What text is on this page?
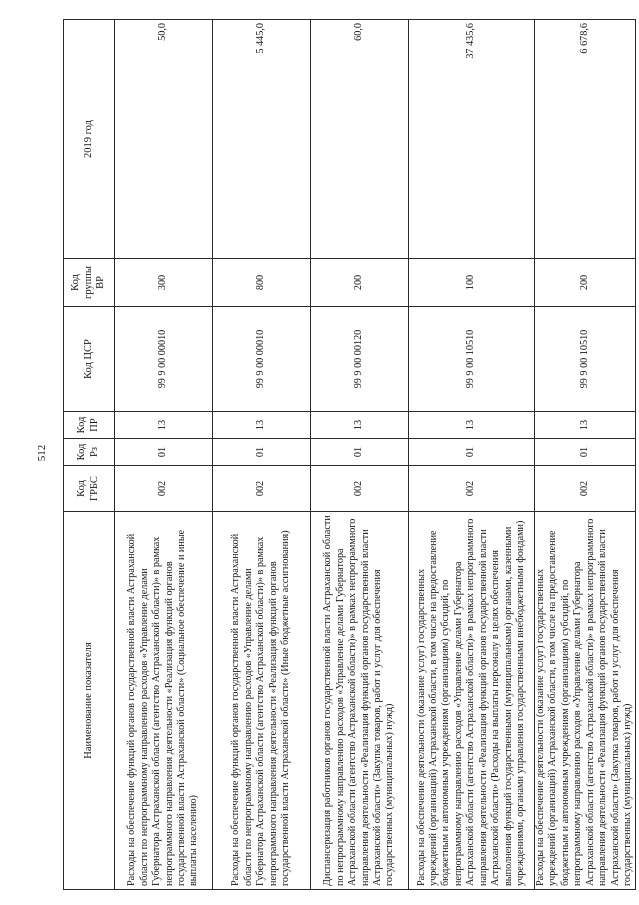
512
Наименование показателя	Код ГРБС	Код Рз	Код ПР	Код ЦСР	Код группы ВР	2019 год
Расходы на обеспечение функций органов государственной власти Астраханской области по непрограммному направлению расходов «Управление делами Губернатора Астраханской области (агентство Астраханской области)» в рамках непрограммного направления деятельности «Реализация функций органов государственной власти Астраханской области» (Социальное обеспечение и иные выплаты населению)	002	01	13	99 9 00 00010	300	50,0
Расходы на обеспечение функций органов государственной власти Астраханской области по непрограммному направлению расходов «Управление делами Губернатора Астраханской области (агентство Астраханской области)» в рамках непрограммного направления деятельности «Реализация функций органов государственной власти Астраханской области» (Иные бюджетные ассигнования)	002	01	13	99 9 00 00010	800	5 445,0
Диспансеризация работников органов государственной власти Астраханской области по непрограммному направлению расходов «Управление делами Губернатора Астраханской области (агентство Астраханской области)» в рамках непрограммного направления деятельности «Реализация функций органов государственной власти Астраханской области» (Закупка товаров, работ и услуг для обеспечения государственных (муниципальных) нужд)	002	01	13	99 9 00 00120	200	60,0
Расходы на обеспечение деятельности (оказание услуг) государственных учреждений (организаций) Астраханской области, в том числе на предоставление бюджетным и автономным учреждениям (организациям) субсидий, по непрограммному направлению расходов «Управление делами Губернатора Астраханской области (агентство Астраханской области)» в рамках непрограммного направления деятельности «Реализация функций органов государственной власти Астраханской области» (Расходы на выплаты персоналу в целях обеспечения выполнения функций государственными (муниципальными) органами, казенными учреждениями, органами управления государственными внебюджетными фондами)	002	01	13	99 9 00 10510	100	37 435,6
Расходы на обеспечение деятельности (оказание услуг) государственных учреждений (организаций) Астраханской области, в том числе на предоставление бюджетным и автономным учреждениям (организациям) субсидий, по непрограммному направлению расходов «Управление делами Губернатора Астраханской области (агентство Астраханской области)» в рамках непрограммного направления деятельности «Реализация функций органов государственной власти Астраханской области» (Закупка товаров, работ и услуг для обеспечения государственных (муниципальных) нужд)	002	01	13	99 9 00 10510	200	6 678,6
